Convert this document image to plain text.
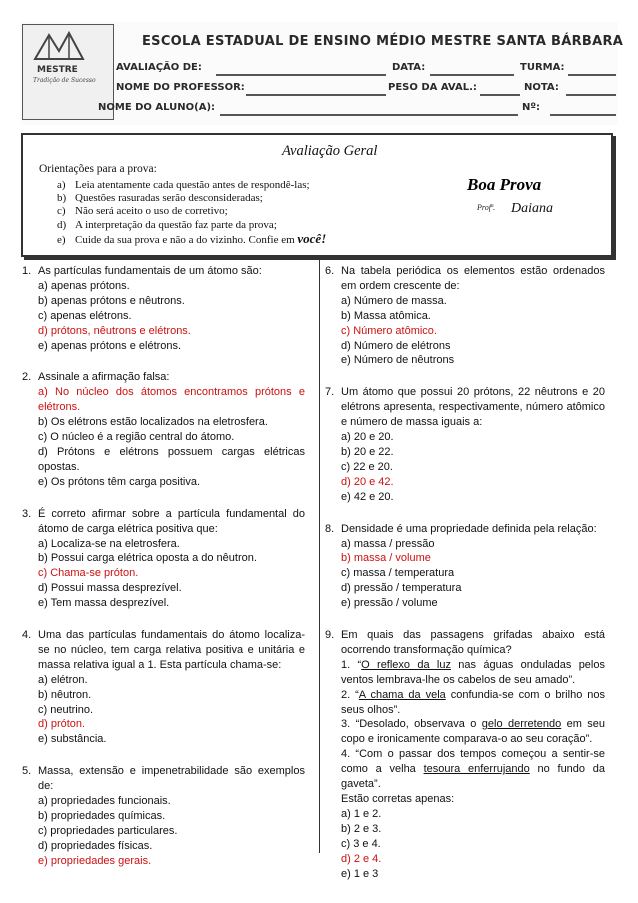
MESTRE
Tradição de Sucesso
ESCOLA ESTADUAL DE ENSINO MÉDIO MESTRE SANTA BÁRBARA
AVALIAÇÃO DE:	DATA:	TURMA:
NOME DO PROFESSOR:	PESO DA AVAL.:	NOTA:
NOME DO ALUNO(A):	Nº:
Avaliação Geral
Orientações para a prova:
a) Leia atentamente cada questão antes de respondê-las;
b) Questões rasuradas serão desconsideradas;
c) Não será aceito o uso de corretivo;
d) A interpretação da questão faz parte da prova;
e) Cuide da sua prova e não a do vizinho. Confie em você!
Boa Prova
Profª. Daiana
1. As partículas fundamentais de um átomo são:
a) apenas prótons.
b) apenas prótons e nêutrons.
c) apenas elétrons.
d) prótons, nêutrons e elétrons.
e) apenas prótons e elétrons.
2. Assinale a afirmação falsa:
a) No núcleo dos átomos encontramos prótons e elétrons.
b) Os elétrons estão localizados na eletrosfera.
c) O núcleo é a região central do átomo.
d) Prótons e elétrons possuem cargas elétricas opostas.
e) Os prótons têm carga positiva.
3. É correto afirmar sobre a partícula fundamental do átomo de carga elétrica positiva que:
a) Localiza-se na eletrosfera.
b) Possui carga elétrica oposta a do nêutron.
c) Chama-se próton.
d) Possui massa desprezível.
e) Tem massa desprezível.
4. Uma das partículas fundamentais do átomo localiza-se no núcleo, tem carga relativa positiva e unitária e massa relativa igual a 1. Esta partícula chama-se:
a) elétron.
b) nêutron.
c) neutrino.
d) próton.
e) substância.
5. Massa, extensão e impenetrabilidade são exemplos de:
a) propriedades funcionais.
b) propriedades químicas.
c) propriedades particulares.
d) propriedades físicas.
e) propriedades gerais.
6. Na tabela periódica os elementos estão ordenados em ordem crescente de:
a) Número de massa.
b) Massa atômica.
c) Número atômico.
d) Número de elétrons
e) Número de nêutrons
7. Um átomo que possui 20 prótons, 22 nêutrons e 20 elétrons apresenta, respectivamente, número atômico e número de massa iguais a:
a) 20 e 20.
b) 20 e 22.
c) 22 e 20.
d) 20 e 42.
e) 42 e 20.
8. Densidade é uma propriedade definida pela relação:
a) massa / pressão
b) massa / volume
c) massa / temperatura
d) pressão / temperatura
e) pressão / volume
9. Em quais das passagens grifadas abaixo está ocorrendo transformação química?
1. “O reflexo da luz nas águas onduladas pelos ventos lembrava-lhe os cabelos de seu amado”.
2. “A chama da vela confundia-se com o brilho nos seus olhos”.
3. “Desolado, observava o gelo derretendo em seu copo e ironicamente comparava-o ao seu coração”.
4. “Com o passar dos tempos começou a sentir-se como a velha tesoura enferrujando no fundo da gaveta”.
Estão corretas apenas:
a) 1 e 2.
b) 2 e 3.
c) 3 e 4.
d) 2 e 4.
e) 1 e 3
